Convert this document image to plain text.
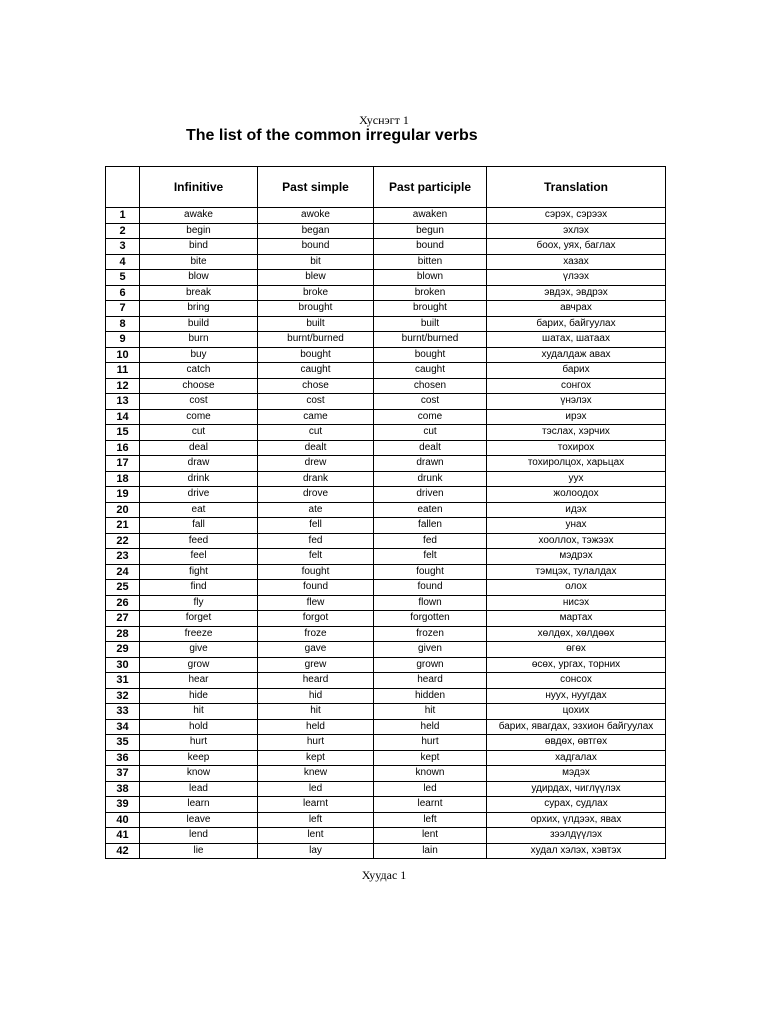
Хуснэгт 1
The list of the common irregular verbs
	Infinitive	Past simple	Past participle	Translation
1	awake	awoke	awaken	сэрэх, сэрээх
2	begin	began	begun	эхлэх
3	bind	bound	bound	боох, уях, баглах
4	bite	bit	bitten	хазах
5	blow	blew	blown	үлээх
6	break	broke	broken	эвдэх, эвдрэх
7	bring	brought	brought	авчрах
8	build	built	built	барих, байгуулах
9	burn	burnt/burned	burnt/burned	шатах, шатаах
10	buy	bought	bought	худалдаж авах
11	catch	caught	caught	барих
12	choose	chose	chosen	сонгох
13	cost	cost	cost	үнэлэх
14	come	came	come	ирэх
15	cut	cut	cut	тэслах, хэрчих
16	deal	dealt	dealt	тохирох
17	draw	drew	drawn	тохиролцох, харьцах
18	drink	drank	drunk	уух
19	drive	drove	driven	жолоодох
20	eat	ate	eaten	идэх
21	fall	fell	fallen	унах
22	feed	fed	fed	хооллох, тэжээх
23	feel	felt	felt	мэдрэх
24	fight	fought	fought	тэмцэх, тулалдах
25	find	found	found	олох
26	fly	flew	flown	нисэх
27	forget	forgot	forgotten	мартах
28	freeze	froze	frozen	хөлдөх, хөлдөөх
29	give	gave	given	өгөх
30	grow	grew	grown	өсөх, ургах, торних
31	hear	heard	heard	сонсох
32	hide	hid	hidden	нуух, нуугдах
33	hit	hit	hit	цохих
34	hold	held	held	барих, явагдах, эзхион байгуулах
35	hurt	hurt	hurt	өвдөх, өвтгөх
36	keep	kept	kept	хадгалах
37	know	knew	known	мэдэх
38	lead	led	led	удирдах, чиглүүлэх
39	learn	learnt	learnt	сурах, судлах
40	leave	left	left	орхих, үлдээх, явах
41	lend	lent	lent	зээлдүүлэх
42	lie	lay	lain	худал хэлэх, хэвтэх
Хуудас 1
